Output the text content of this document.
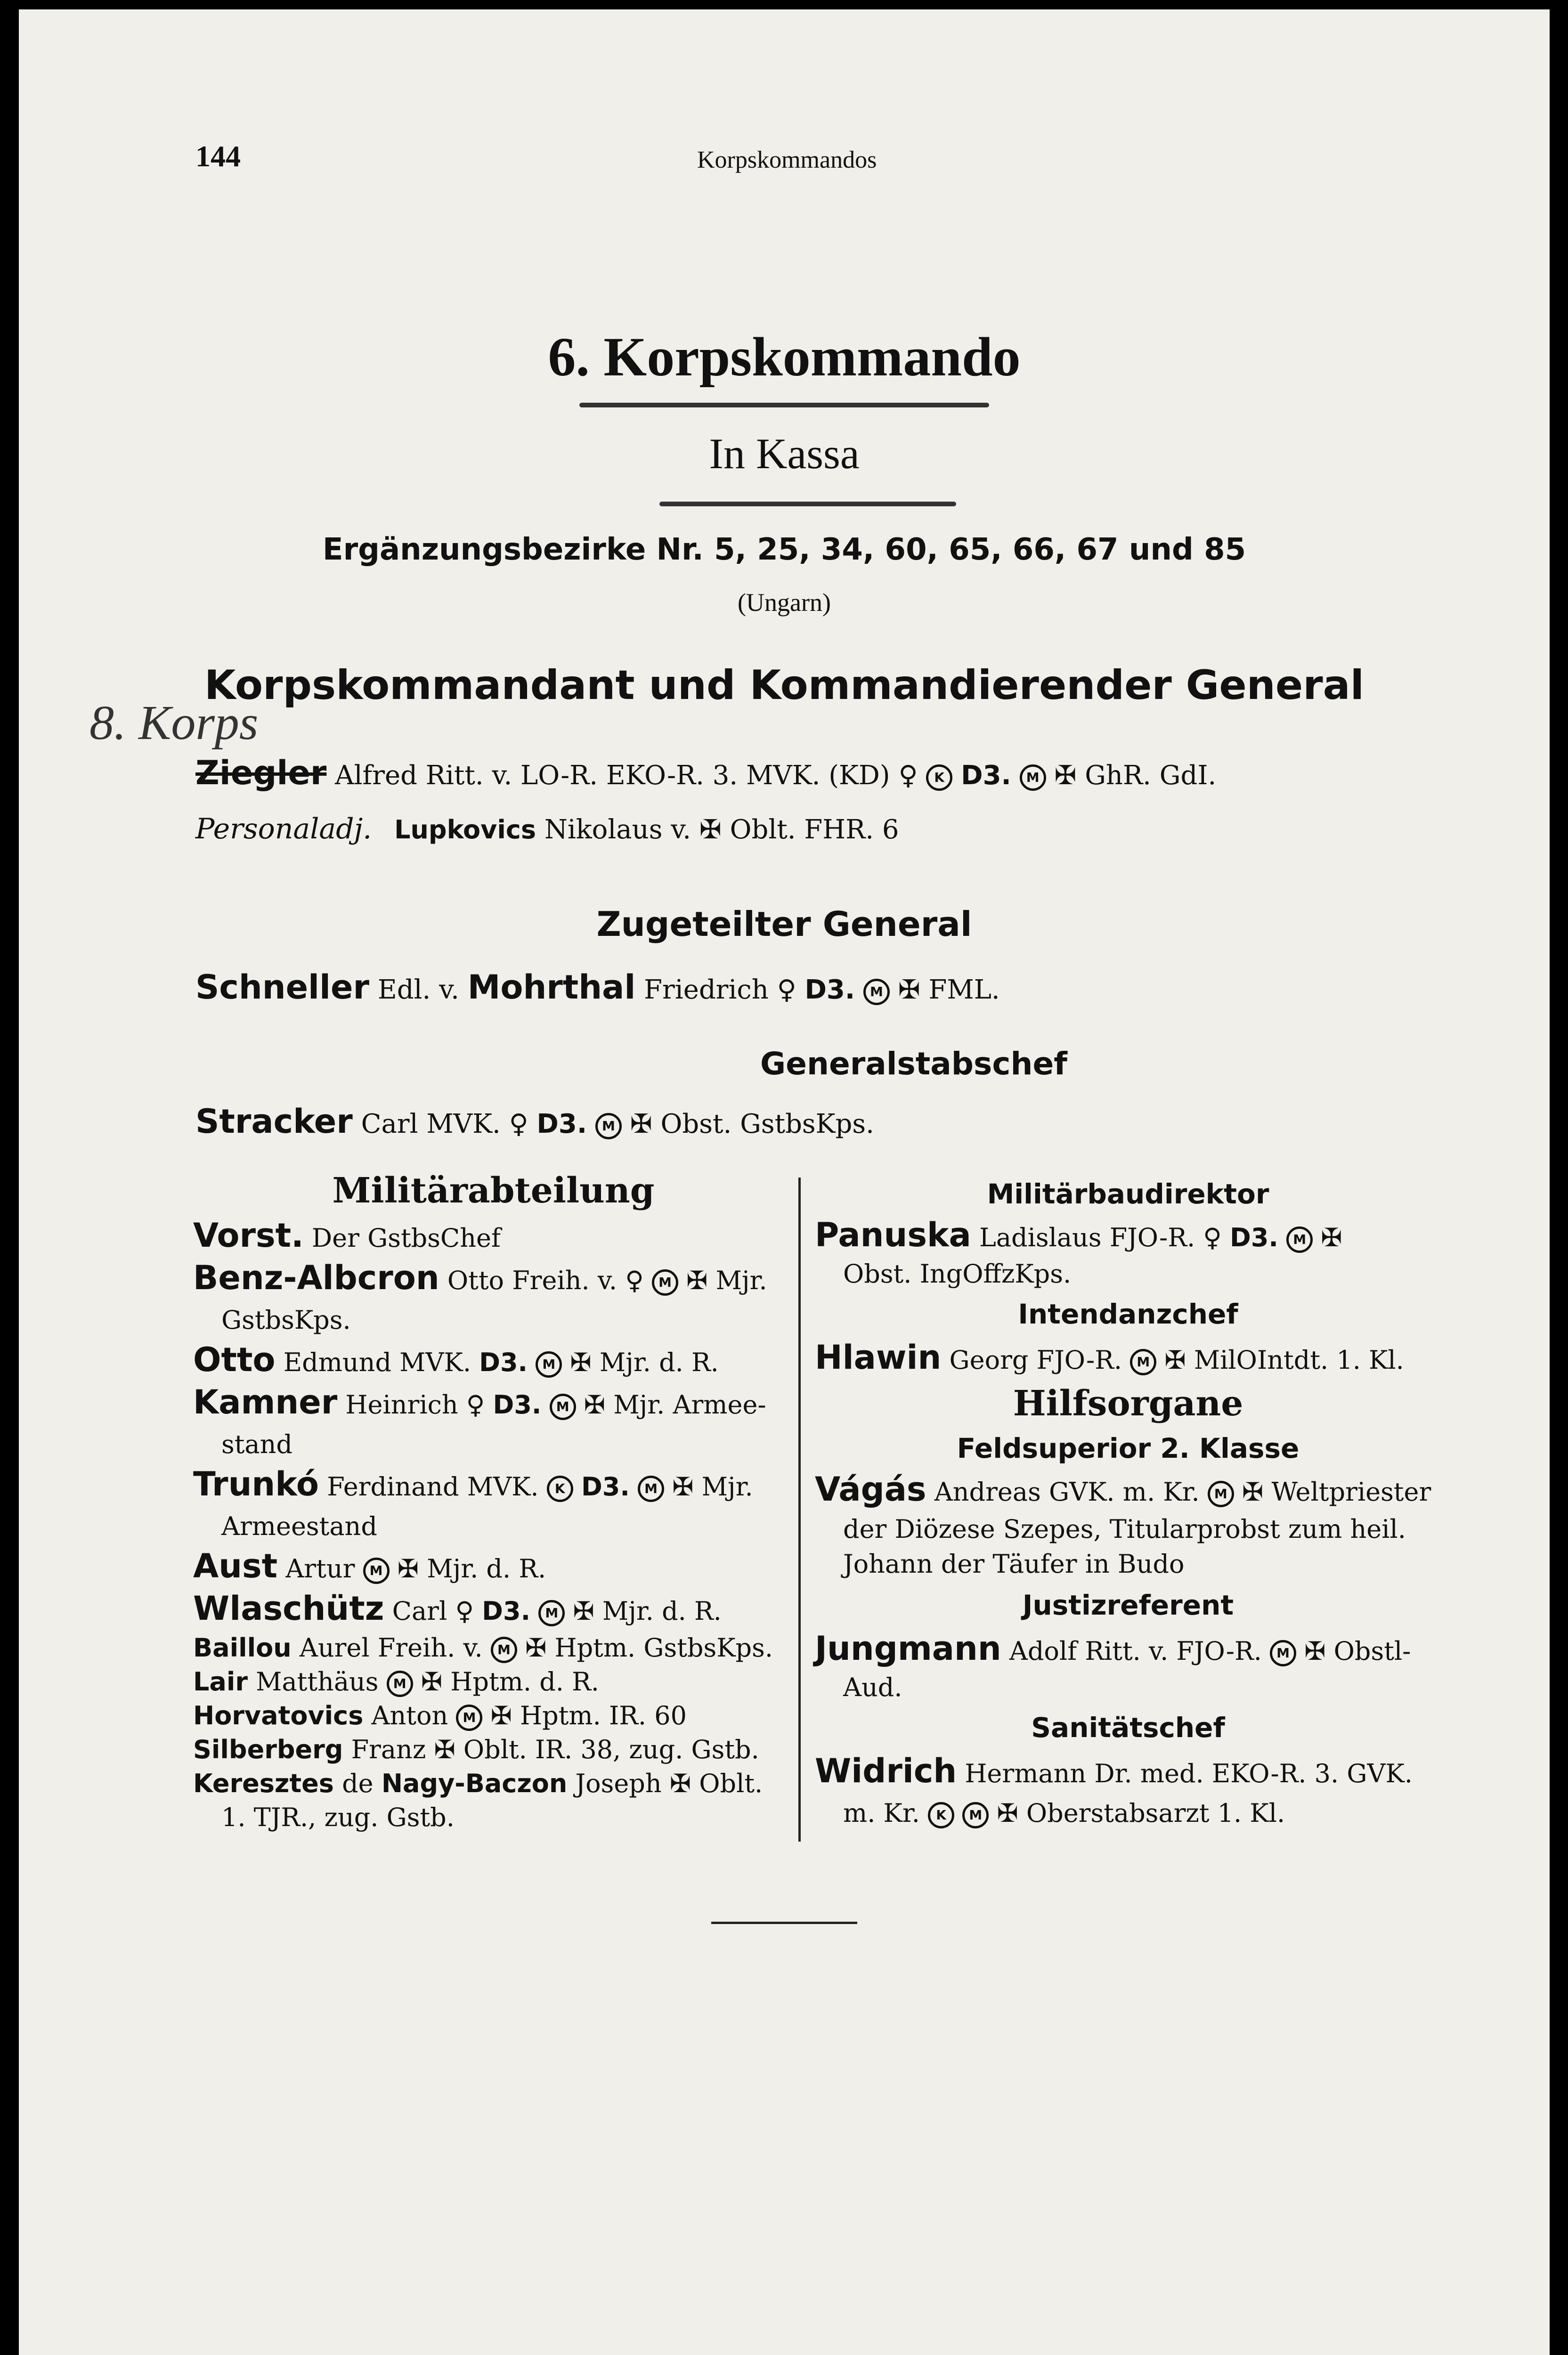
144	Korpskommandos
6. Korpskommando
In Kassa
Ergänzungsbezirke Nr. 5, 25, 34, 60, 65, 66, 67 und 85
(Ungarn)
Korpskommandant und Kommandierender General
8. Korps
Ziegler Alfred Ritt. v. LO-R. EKO-R. 3. MVK. (KD) ♀ K D3. M ✠ GhR. GdI.
Personaladj. Lupkovics Nikolaus v. ✠ Oblt. FHR. 6
Zugeteilter General
Schneller Edl. v. Mohrthal Friedrich ♀ D3. M ✠ FML.
Generalstabschef
Stracker Carl MVK. ♀ D3. M ✠ Obst. GstbsKps.
Militärabteilung

Vorst. Der GstbsChef

Benz-Albcron Otto Freih. v. ♀ M ✠ Mjr.

GstbsKps.

Otto Edmund MVK. D3. M ✠ Mjr. d. R.

Kamner Heinrich ♀ D3. M ✠ Mjr. Armee-

stand

Trunkó Ferdinand MVK. K D3. M ✠ Mjr.

Armeestand

Aust Artur M ✠ Mjr. d. R.

Wlaschütz Carl ♀ D3. M ✠ Mjr. d. R.

Baillou Aurel Freih. v. M ✠ Hptm. GstbsKps.

Lair Matthäus M ✠ Hptm. d. R.

Horvatovics Anton M ✠ Hptm. IR. 60

Silberberg Franz ✠ Oblt. IR. 38, zug. Gstb.

Keresztes de Nagy-Baczon Joseph ✠ Oblt.

1. TJR., zug. Gstb.

Militärbaudirektor

Panuska Ladislaus FJO-R. ♀ D3. M ✠

Obst. IngOffzKps.

Intendanzchef

Hlawin Georg FJO-R. M ✠ MilOIntdt. 1. Kl.

Hilfsorgane
Feldsuperior 2. Klasse

Vágás Andreas GVK. m. Kr. M ✠ Weltpriester

der Diözese Szepes, Titularprobst zum heil.

Johann der Täufer in Budo

Justizreferent

Jungmann Adolf Ritt. v. FJO-R. M ✠ Obstl-

Aud.

Sanitätschef

Widrich Hermann Dr. med. EKO-R. 3. GVK.

m. Kr. K M ✠ Oberstabsarzt 1. Kl.
